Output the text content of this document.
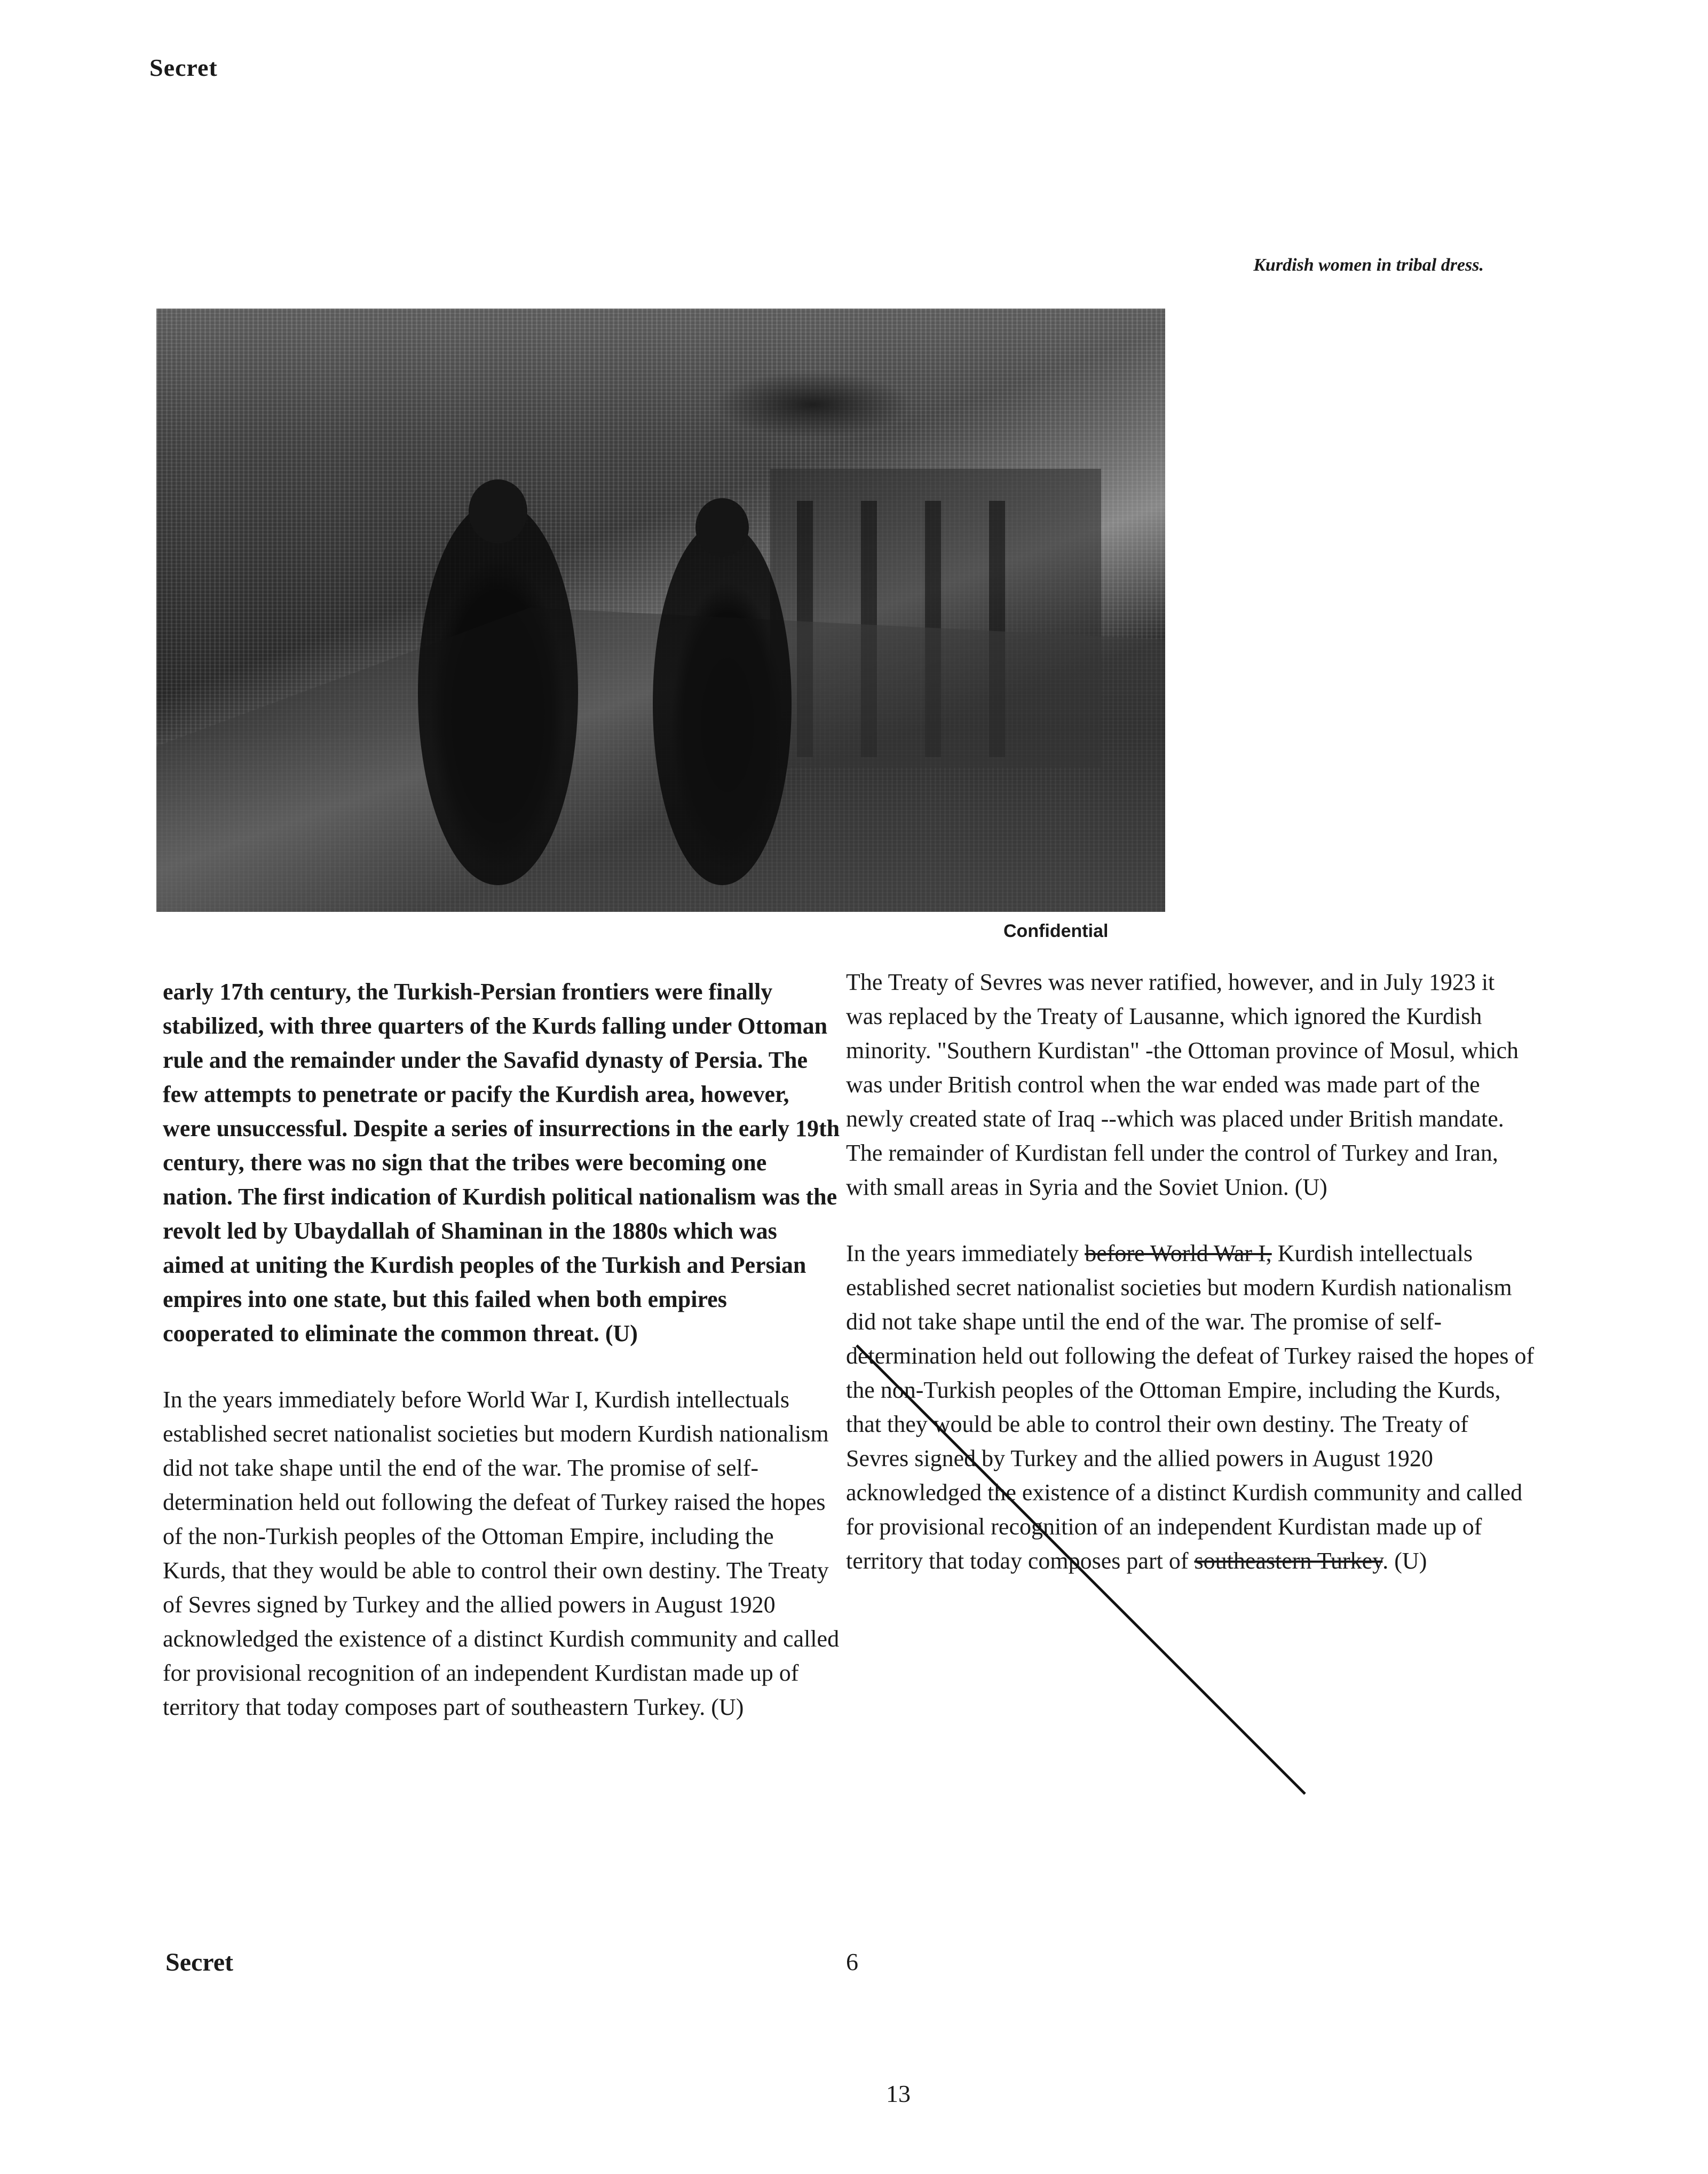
Secret
Kurdish women in tribal dress.
Confidential

early 17th century, the Turkish-Persian frontiers were finally stabilized, with three quarters of the Kurds falling under Ottoman rule and the remainder under the Savafid dynasty of Persia. The few attempts to penetrate or pacify the Kurdish area, however, were unsuccessful. Despite a series of insurrections in the early 19th century, there was no sign that the tribes were becoming one nation. The first indication of Kurdish political nationalism was the revolt led by Ubaydallah of Shaminan in the 1880s which was aimed at uniting the Kurdish peoples of the Turkish and Persian empires into one state, but this failed when both empires cooperated to eliminate the common threat. (U)

In the years immediately before World War I, Kurdish intellectuals established secret nationalist societies but modern Kurdish nationalism did not take shape until the end of the war. The promise of self-determination held out following the defeat of Turkey raised the hopes of the non-Turkish peoples of the Ottoman Empire, including the Kurds, that they would be able to control their own destiny. The Treaty of Sevres signed by Turkey and the allied powers in August 1920 acknowledged the existence of a distinct Kurdish community and called for provisional recognition of an independent Kurdistan made up of territory that today composes part of southeastern Turkey. (U)

The Treaty of Sevres was never ratified, however, and in July 1923 it was replaced by the Treaty of Lausanne, which ignored the Kurdish minority. "Southern Kurdistan" -the Ottoman province of Mosul, which was under British control when the war ended was made part of the newly created state of Iraq --which was placed under British mandate. The remainder of Kurdistan fell under the control of Turkey and Iran, with small areas in Syria and the Soviet Union. (U)

In the years immediately before World War I, Kurdish intellectuals established secret nationalist societies but modern Kurdish nationalism did not take shape until the end of the war. The promise of self-determination held out following the defeat of Turkey raised the hopes of the non-Turkish peoples of the Ottoman Empire, including the Kurds, that they would be able to control their own destiny. The Treaty of Sevres signed by Turkey and the allied powers in August 1920 acknowledged the existence of a distinct Kurdish community and called for provisional recognition of an independent Kurdistan made up of territory that today composes part of southeastern Turkey. (U)

Secret	6
13
